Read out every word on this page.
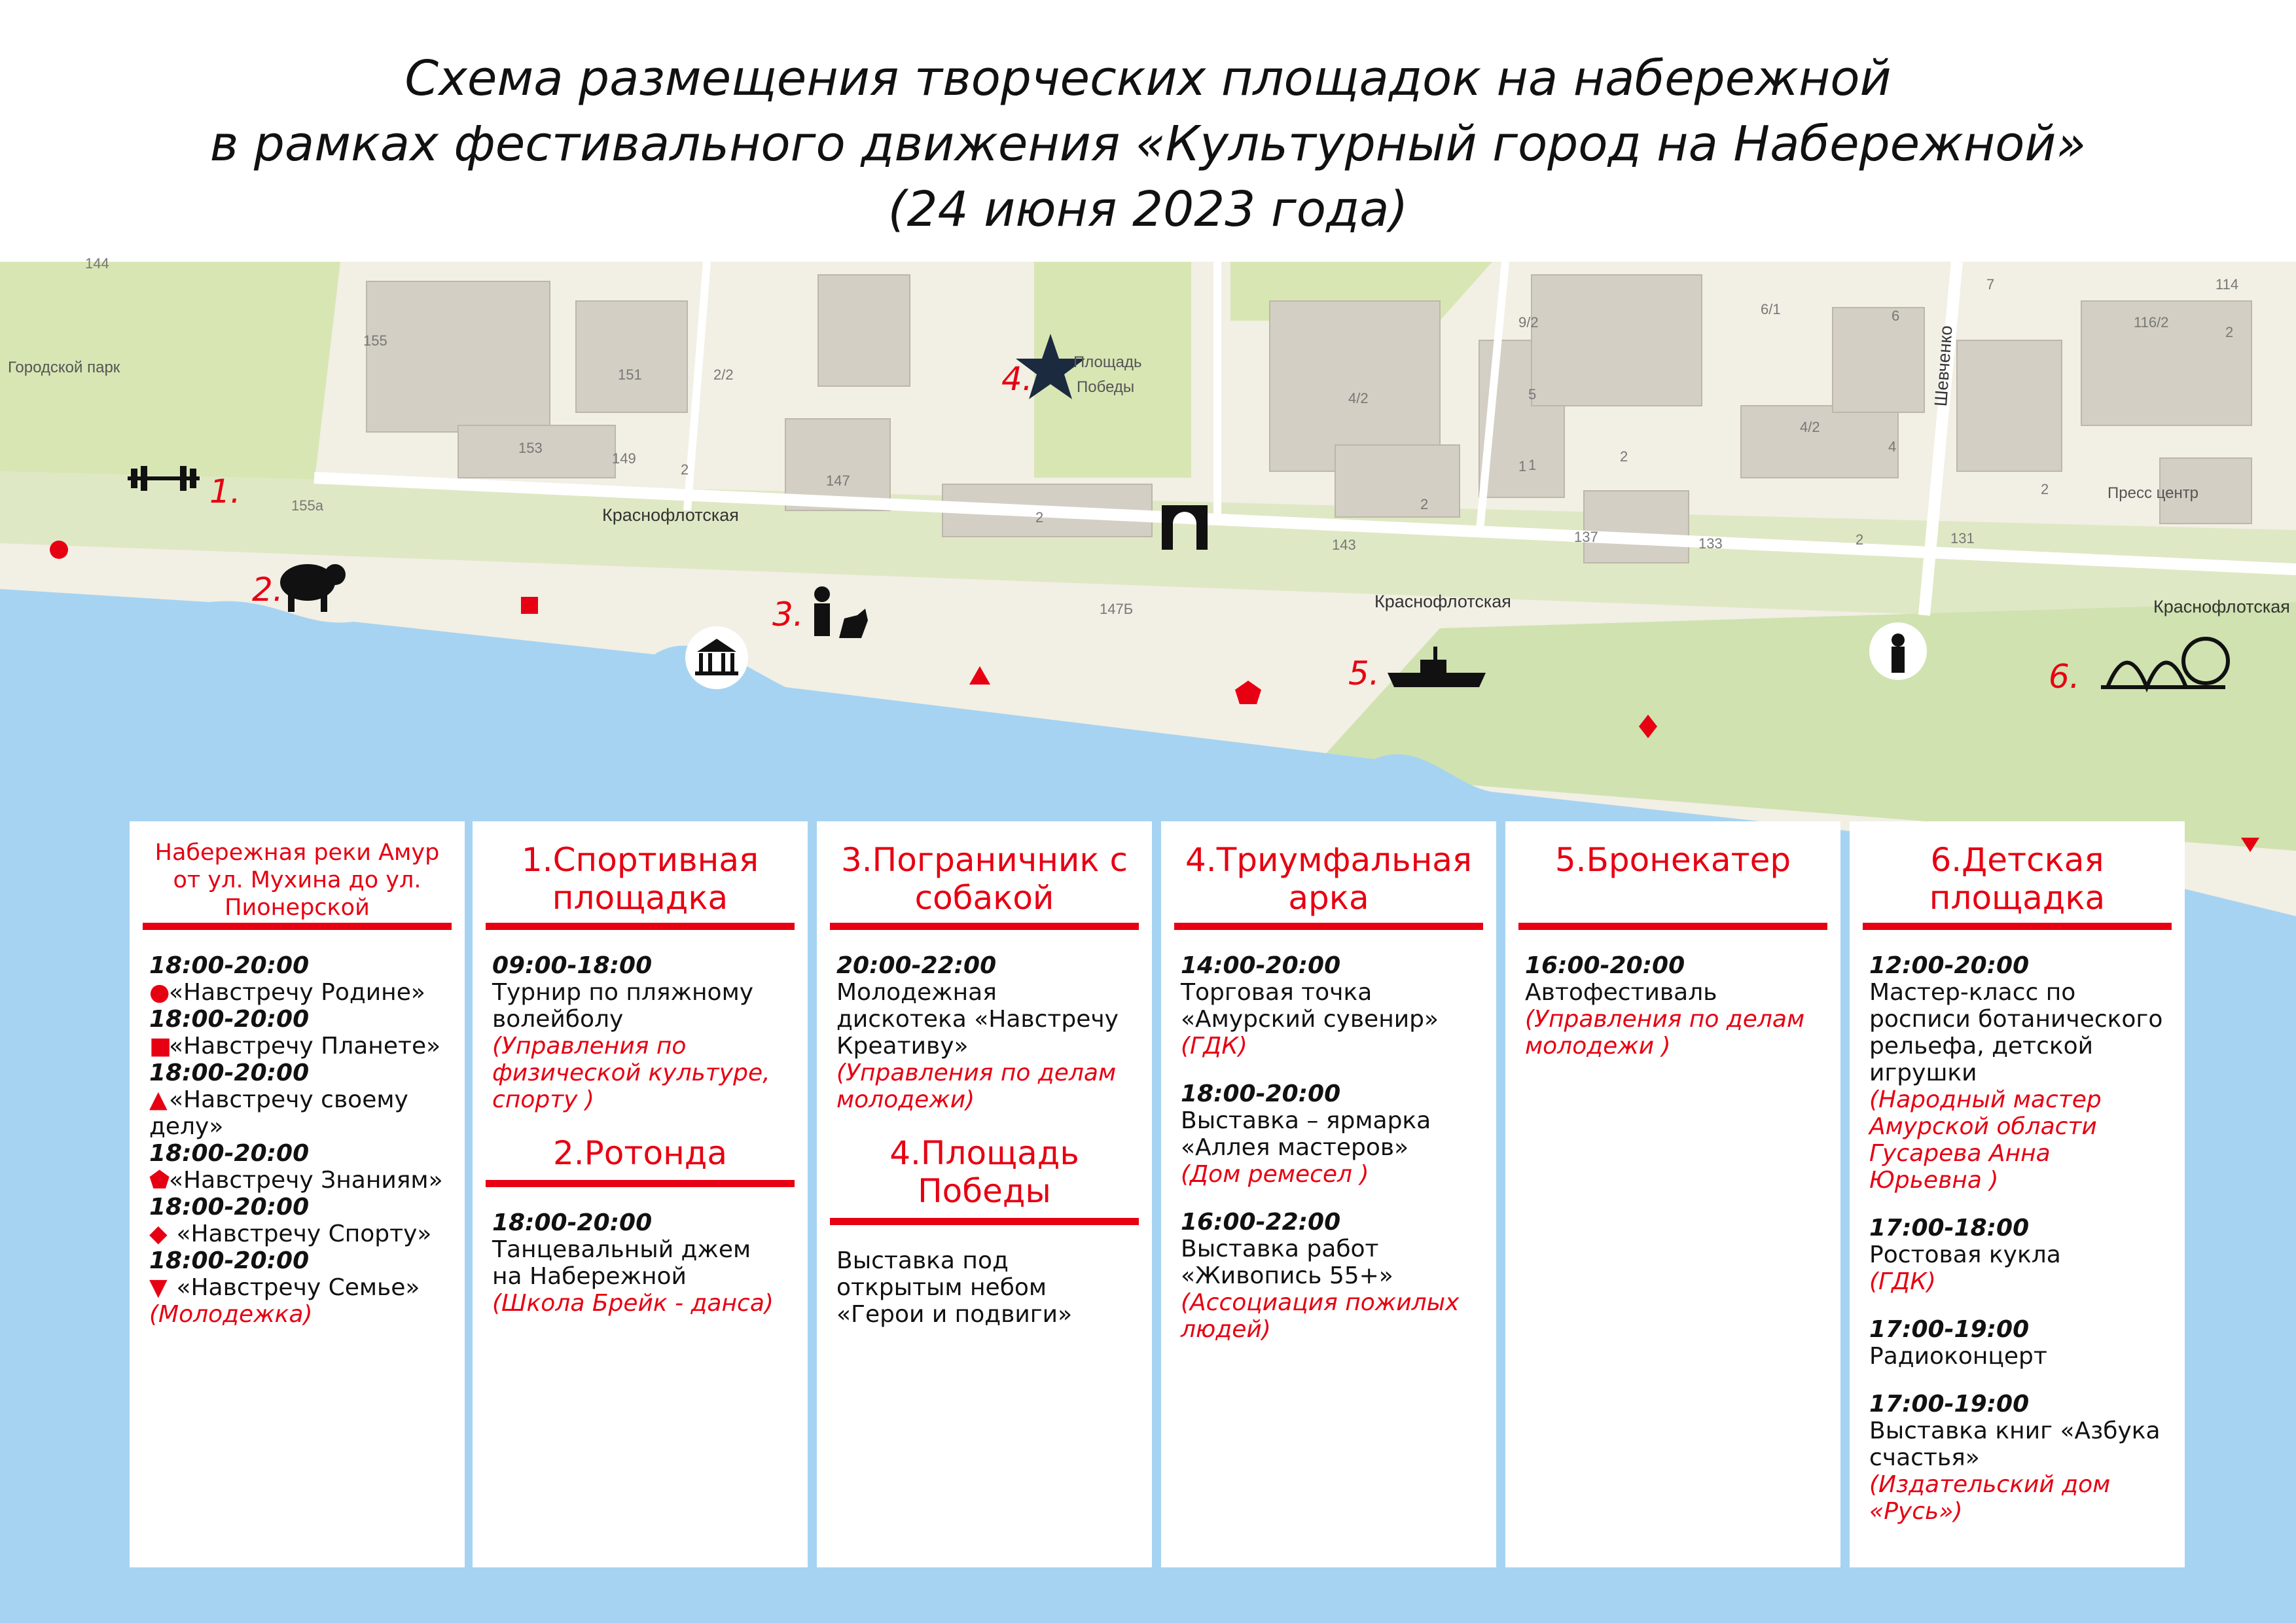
Схема размещения творческих площадок на набережной
в рамках фестивального движения «Культурный город на Набережной»
(24 июня 2023 года)
1.
2.
3.
4.
5.	6.
Городской парк	Площадь
Победы
Краснофлотская
Краснофлотская	Краснофлотская
Шевченко
Пресс центр
144
155
155а
151	2/2
153
149
2
147
2
147Б
4/2
143
2
9/2
6/1
5
4/2
1
2
137	133	2
6
4
131
114
116/2
7
2
1
2
Набережная реки Амур от ул. Мухина до ул. Пионерской
18:00-20:00
●«Навстречу Родине»
18:00-20:00
■«Навстречу Планете»
18:00-20:00
▲«Навстречу своему делу»
18:00-20:00
⬟«Навстречу Знаниям»
18:00-20:00
◆ «Навстречу Спорту»
18:00-20:00
▼ «Навстречу Семье»
(Молодежка)
1.Спортивная площадка
09:00-18:00
Турнир по пляжному волейболу
(Управления по физической культуре, спорту )
2.Ротонда
18:00-20:00
Танцевальный джем на Набережной
(Школа Брейк - данса)
3.Пограничник с собакой
20:00-22:00
Молодежная дискотека «Навстречу Креативу»
(Управления по делам молодежи)
4.Площадь Победы
Выставка под открытым небом «Герои и подвиги»
4.Триумфальная арка
14:00-20:00
Торговая точка «Амурский сувенир»
(ГДК)
18:00-20:00
Выставка – ярмарка «Аллея мастеров»
(Дом ремесел )
16:00-22:00
Выставка работ «Живопись 55+»
(Ассоциация пожилых людей)
5.Бронекатер
16:00-20:00
Автофестиваль
(Управления по делам молодежи )
6.Детская площадка
12:00-20:00
Мастер-класс по росписи ботанического рельефа, детской игрушки
(Народный мастер Амурской области Гусарева Анна Юрьевна )
17:00-18:00
Ростовая кукла
(ГДК)
17:00-19:00
Радиоконцерт
17:00-19:00
Выставка книг «Азбука счастья»
(Издательский дом «Русь»)
